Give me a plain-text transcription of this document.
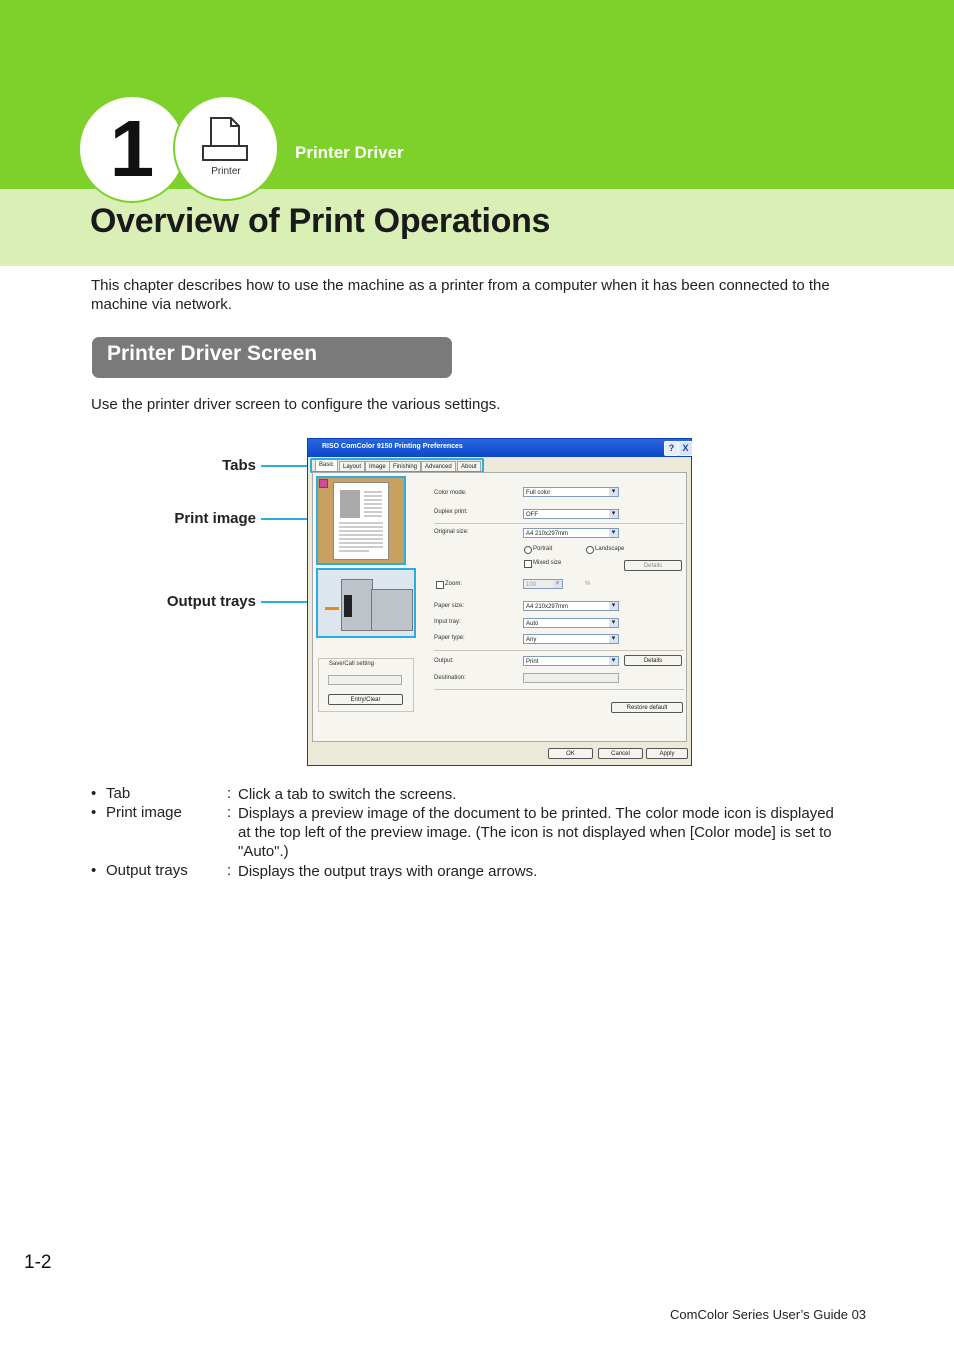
1	Printer
Printer Driver
Overview of Print Operations
This chapter describes how to use the machine as a printer from a computer when it has been connected to the machine via network.
Printer Driver Screen
Use the printer driver screen to configure the various settings.
Tabs
Print image
Output trays
RISO ComColor 9150 Printing Preferences	? X
Basic	Layout	Image	Finishing	Advanced	About
Color mode:	Full color ▾
Duplex print:	OFF ▾
Original size:	A4 210x297mm ▾
Portrait	Landscape
Mixed size	Details
Zoom:	100 ▾	%
Paper size:	A4 210x297mm ▾
Input tray:	Auto ▾
Paper type:	Any ▾
Output:	Print ▾	Details
Destination:
Save/Call setting
Entry/Clear
Restore default
OK	Cancel	Apply
• Tab	: Click a tab to switch the screens.
• Print image	: Displays a preview image of the document to be printed. The color mode icon is displayed at the top left of the preview image. (The icon is not displayed when [Color mode] is set to "Auto".)
• Output trays	: Displays the output trays with orange arrows.
1-2
ComColor Series User’s Guide 03
